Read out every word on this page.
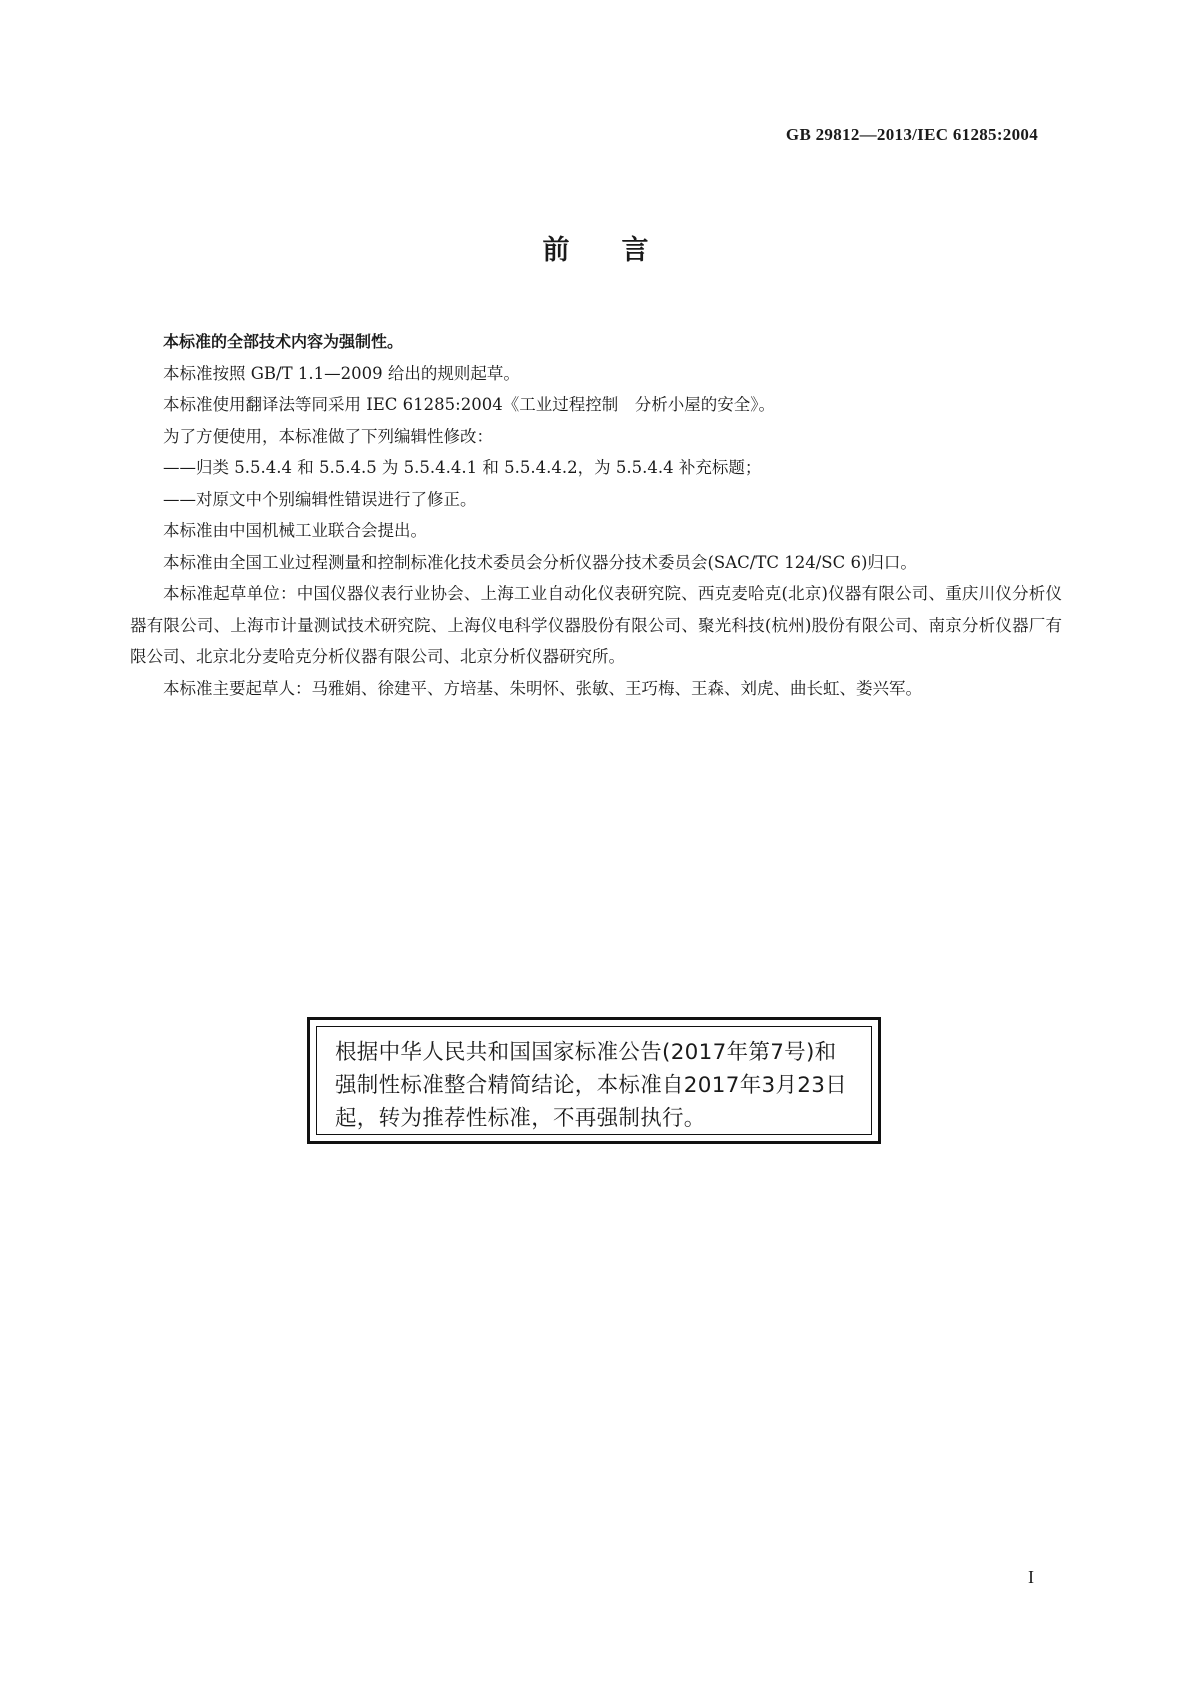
GB 29812—2013/IEC 61285:2004
前言

本标准的全部技术内容为强制性。

本标准按照 GB/T 1.1—2009 给出的规则起草。

本标准使用翻译法等同采用 IEC 61285:2004《工业过程控制　分析小屋的安全》。

为了方便使用，本标准做了下列编辑性修改：

——归类 5.5.4.4 和 5.5.4.5 为 5.5.4.4.1 和 5.5.4.4.2，为 5.5.4.4 补充标题；

——对原文中个别编辑性错误进行了修正。

本标准由中国机械工业联合会提出。

本标准由全国工业过程测量和控制标准化技术委员会分析仪器分技术委员会(SAC/TC 124/SC 6)归口。

本标准起草单位：中国仪器仪表行业协会、上海工业自动化仪表研究院、西克麦哈克(北京)仪器有限公司、重庆川仪分析仪器有限公司、上海市计量测试技术研究院、上海仪电科学仪器股份有限公司、聚光科技(杭州)股份有限公司、南京分析仪器厂有限公司、北京北分麦哈克分析仪器有限公司、北京分析仪器研究所。

本标准主要起草人：马雅娟、徐建平、方培基、朱明怀、张敏、王巧梅、王森、刘虎、曲长虹、娄兴军。

根据中华人民共和国国家标准公告(2017年第7号)和强制性标准整合精简结论，本标准自2017年3月23日起，转为推荐性标准，不再强制执行。

I
